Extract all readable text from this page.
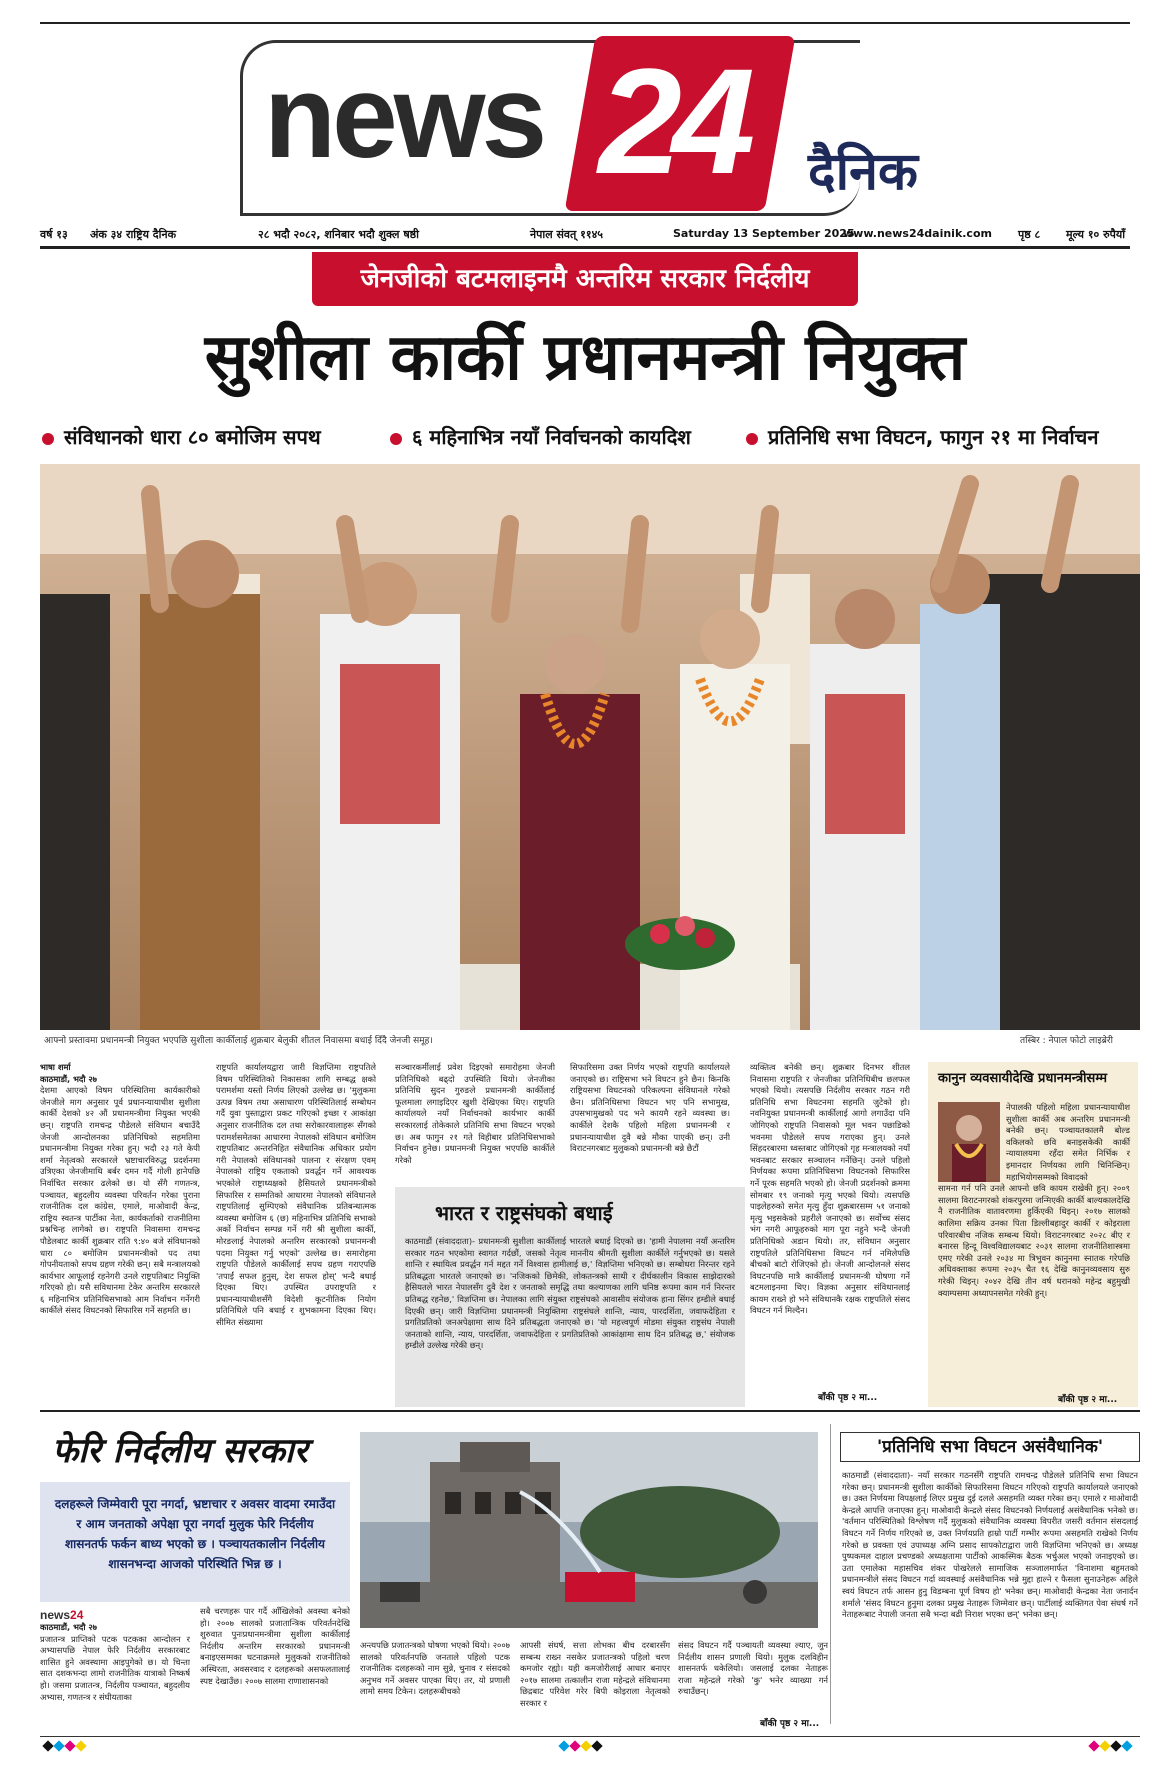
news 24 दैनिक
वर्ष १३ अंक ३४ राष्ट्रिय दैनिक	२८ भदौ २०८२, शनिबार भदौ शुक्ल षष्ठी	नेपाल संवत् ११४५	Saturday 13 September 2025
www.news24dainik.com पृष्ठ ८ मूल्य १० रुपैयाँ
जेनजीको बटमलाइनमै अन्तरिम सरकार निर्दलीय
सुशीला कार्की प्रधानमन्त्री नियुक्त
संविधानको धारा ८० बमोजिम सपथ	६ महिनाभित्र नयाँ निर्वाचनको कायदिश	प्रतिनिधि सभा विघटन, फागुन २१ मा निर्वाचन
आफ्नो प्रस्तावमा प्रधानमन्त्री नियुक्त भएपछि सुशीला कार्कीलाई शुक्रबार बेलुकी शीतल निवासमा बधाई दिँदै जेनजी समूह।	तस्बिर : नेपाल फोटो लाइब्रेरी
भाषा शर्मा
काठमाडौं, भदौ २७
देशमा आएको विषम परिस्थितिमा कार्यकारीको जेनजीले माग अनुसार पूर्व प्रधानन्यायाधीश सुशीला कार्की देशको ४२ औं प्रधानमन्त्रीमा नियुक्त भएकी छन्। राष्ट्रपति रामचन्द्र पौडेलले संविधान बचाउँदै जेनजी आन्दोलनका प्रतिनिधिको सहमतिमा प्रधानमन्त्रीमा नियुक्त गरेका हुन्। भदौ २३ गते केपी शर्मा नेतृत्वको सरकारले भ्रष्टाचारविरुद्ध प्रदर्शनमा उत्रिएका जेनजीमाथि बर्बर दमन गर्दै गोली हानेपछि निर्वाचित सरकार ढलेको छ। यो सँगै गणतन्त्र, पञ्चायत, बहुदलीय व्यवस्था परिवर्तन गरेका पुराना राजनीतिक दल कांग्रेस, एमाले, माओवादी केन्द्र, राष्ट्रिय स्वतन्त्र पार्टीका नेता, कार्यकर्ताको राजनीतिमा प्रश्नचिन्ह लागेको छ। राष्ट्रपति निवासमा रामचन्द्र पौडेलबाट कार्की शुक्रबार राति ९:४० बजे संविधानको धारा ८० बमोजिम प्रधानमन्त्रीको पद तथा गोपनीयताको सपथ ग्रहण गरेकी छन्। सबै मन्त्रालयको कार्यभार आफूलाई रहनेगरी उनले राष्ट्रपतिबाट नियुक्ति गरिएको हो। यसै सविधानमा टेकेर अन्तरिम सरकारले ६ महिनाभित्र प्रतिनिधिसभाको आम निर्वाचन गर्नेगरी कार्कीले संसद विघटनको सिफारिस गर्ने सहमति छ।
राष्ट्रपति कार्यालयद्वारा जारी विज्ञप्तिमा राष्ट्रपतिले विषम परिस्थितिको निकासका लागि सम्बद्ध क्षको परामर्शमा यस्तो निर्णय लिएको उल्लेख छ। 'मुलुकमा उत्पन्न विषम तथा असाधारण परिस्थितिलाई सम्बोधन गर्दै युवा पुस्ताद्वारा प्रकट गरिएको इच्छा र आकांक्षा अनुसार राजनीतिक दल तथा सरोकारवालाहरू सँगको परामर्शसमेतका आधारमा नेपालको संविधान बमोजिम राष्ट्रपतिबाट अन्तरनिहित संवैधानिक अधिकार प्रयोग गरी नेपालको संविधानको पालना र संरक्षण एवम् नेपालको राष्ट्रिय एकताको प्रवर्द्धन गर्ने आवश्यक भएकोले राष्ट्राध्यक्षको हैसियतले प्रधानमन्त्रीको सिफारिस र सम्मतिको आधारमा नेपालको संविधानले राष्ट्रपतिलाई सुम्पिएको संवैधानिक प्रतिबन्धात्मक व्यवस्था बमोजिम ६ (छ) महिनाभित्र प्रतिनिधि सभाको अर्को निर्वाचन सम्पन्न गर्ने गरी श्री सुशीला कार्की, मोरङलाई नेपालको अन्तरिम सरकारको प्रधानमन्त्री पदमा नियुक्त गर्नु भएको' उल्लेख छ। समारोहमा राष्ट्रपति पौडेलले कार्कीलाई सपथ ग्रहण गराएपछि 'तपाईं सफल हुनुस्, देश सफल होस्' भन्दै बधाई दिएका थिए। उपस्थित उपराष्ट्रपति र प्रधानन्यायाधीशसँगै विदेशी कूटनीतिक नियोग प्रतिनिधिले पनि बधाई र शुभकामना दिएका थिए। सीमित संख्यामा
सञ्चारकर्मीलाई प्रवेश दिइएको समारोहमा जेनजी प्रतिनिधिको बढ्दो उपस्थिति थियो। जेनजीका प्रतिनिधि सुदन गुरुङले प्रधानमन्त्री कार्कीलाई फूलमाला लगाइदिएर खुशी देखिएका थिए। राष्ट्रपति कार्यालयले नयाँ निर्वाचनको कार्यभार कार्की सरकारलाई तोकेकाले प्रतिनिधि सभा विघटन भएको छ। अब फागुन २१ गते विहीबार प्रतिनिधिसभाको निर्वाचन हुनेछ। प्रधानमन्त्री नियुक्त भएपछि कार्कीले गरेको
सिफारिसमा उक्त निर्णय भएको राष्ट्रपति कार्यालयले जनाएको छ। राष्ट्रिसभा भने विघटन हुने छैन। किनकि राष्ट्रियसभा विघटनको परिकल्पना संविधानले गरेको छैन। प्रतिनिधिसभा विघटन भए पनि सभामुख, उपसभामुखको पद भने कायमै रहने व्यवस्था छ। कार्कीले देशकै पहिलो महिला प्रधानमन्त्री र प्रधानन्यायाधीश दुवै बन्ने मौका पाएकी छन्। उनी विराटनगरबाट मुलुकको प्रधानमन्त्री बन्ने छैटौं
व्यक्तित्व बनेकी छन्। शुक्रबार दिनभर शीतल निवासमा राष्ट्रपति र जेनजीका प्रतिनिधिबीच छलफल भएको थियो। त्यसपछि निर्दलीय सरकार गठन गरी प्रतिनिधि सभा विघटनमा सहमति जुटेको हो। नवनियुक्त प्रधानमन्त्री कार्कीलाई आगो लगाउँदा पनि जोगिएको राष्ट्रपति निवासको मूल भवन पछाडिको भवनमा पौडेलले सपथ गराएका हुन्। उनले सिंहदरबारमा ध्वस्तबाट जोगिएको गृह मन्त्रालयको नयाँ भवनबाट सरकार सञ्चालन गर्नेछिन्। उनले पहिलो निर्णयका रूपमा प्रतिनिधिसभा विघटनको सिफारिस गर्ने पूरक सहमति भएको हो। जेनजी प्रदर्शनको क्रममा सोमबार १९ जनाको मृत्यु भएको थियो। त्यसपछि पाइलेहरुको समेत मृत्यु हुँदा शुक्रबारसम्म ५१ जनाको मृत्यु भइसकेको प्रहरीले जनाएको छ। सर्वोच्च संसद भंग नगरी आफूहरुको माग पूरा नहुने भन्दै जेनजी प्रतिनिधिको अडान थियो। तर, संविधान अनुसार राष्ट्रपतिले प्रतिनिधिसभा विघटन गर्न नमिलेपछि बीचको बाटो रोजिएको हो। जेनजी आन्दोलनले संसद विघटनपछि मात्रै कार्कीलाई प्रधानमन्त्री घोषणा गर्ने बटमलाइनमा थिए। विज्ञका अनुसार संविधानलाई कायम राख्ने हो भने संविधानकै रक्षक राष्ट्रपतिले संसद विघटन गर्न मिल्दैन।
बाँकी पृष्ठ २ मा...
भारत र राष्ट्रसंघको बधाई

काठमाडौं (संवाददाता)- प्रधानमन्त्री सुशीला कार्कीलाई भारतले बधाई दिएको छ। 'हामी नेपालमा नयाँ अन्तरिम सरकार गठन भएकोमा स्वागत गर्दछौं, जसको नेतृत्व माननीय श्रीमती सुशीला कार्कीले गर्नुभएको छ। यसले शान्ति र स्थायित्व प्रवर्द्धन गर्न मद्दत गर्ने विश्वास हामीलाई छ,' विज्ञप्तिमा भनिएको छ। सम्बोधरा निरन्तर रहने प्रतिबद्धता भारतले जनाएको छ। 'नजिकको छिमेकी, लोकतन्त्रको साथी र दीर्घकालीन विकास साझेदारको हैसियतले भारत नेपालसँग दुवै देश र जनताको समृद्धि तथा कल्याणका लागि घनिष्ठ रूपमा काम गर्न निरन्तर प्रतिबद्ध रहनेछ,' विज्ञप्तिमा छ। नेपालका लागि संयुक्त राष्ट्रसंघको आवासीय संयोजक हाना सिंगर हम्डीले बधाई दिएकी छन्। जारी विज्ञप्तिमा प्रधानमन्त्री नियुक्तिमा राष्ट्रसंघले शान्ति, न्याय, पारदर्शिता, जवाफदेहिता र प्रगतिप्रतिको जनअपेक्षामा साथ दिने प्रतिबद्धता जनाएको छ। 'यो महत्त्वपूर्ण मोडमा संयुक्त राष्ट्रसंघ नेपाली जनताको शान्ति, न्याय, पारदर्शिता, जवाफदेहिता र प्रगतिप्रतिको आकांक्षामा साथ दिन प्रतिबद्ध छ,' संयोजक हम्डीले उल्लेख गरेकी छन्।

कानुन व्यवसायीदेखि प्रधानमन्त्रीसम्म
नेपालकी पहिलो महिला प्रधानन्यायाधीश सुशीला कार्की अब अन्तरिम प्रधानमन्त्री बनेकी छन्। पञ्चायतकालमै बोल्ड वकिलको छवि बनाइसकेकी कार्की न्यायालयमा रहँदा समेत निर्भिक र इमानदार निर्णयका लागि चिनिन्छिन्। महाभियोगसम्मको विवादको
सामना गर्न पनि उनले आफ्नो छवि कायम राखेकी हुन्। २००९ सालमा विराटनगरको शंकरपुरमा जन्मिएकी कार्की बाल्यकालदेखि नै राजनीतिक वातावरणमा हुर्किएकी थिइन्। २०१७ सालको कालिमा सक्रिय उनका पिता डिल्लीबहादुर कार्की र कोइराला परिवारबीच नजिक सम्बन्ध थियो। विराटनगरबाट २०२८ बीए र बनारस हिन्दू विश्वविद्यालयबाट २०३१ सालमा राजनीतिशास्त्रमा एमए गरेकी उनले २०३४ मा त्रिभुवन कानुनमा स्नातक गरेपछि अधिवक्ताका रूपमा २०३५ चैत १६ देखि कानुनव्यवसाय सुरु गरेकी थिइन्। २०४२ देखि तीन वर्ष धरानको महेन्द्र बहुमुखी क्याम्पसमा अध्यापनसमेत गरेकी हुन्।
बाँकी पृष्ठ २ मा...
फेरि निर्दलीय सरकार

दलहरूले जिम्मेवारी पूरा नगर्दा, भ्रष्टाचार र अवसर वादमा रमाउँदा र आम जनताको अपेक्षा पूरा नगर्दा मुलुक फेरि निर्दलीय शासनतर्फ फर्कन बाध्य भएको छ । पञ्चायतकालीन निर्दलीय शासनभन्दा आजको परिस्थिति भिन्न छ ।

news24
काठमाडौं, भदौ २७
प्रजातन्त्र प्राप्तिको पटक पटकका आन्दोलन र अभ्यासपछि नेपाल फेरि निर्दलीय सरकारबाट शासित हुने अवस्थामा आइपुगेको छ। यो चिन्ता सात दशकभन्दा लामो राजनीतिक यात्राको निष्कर्ष हो। जसमा प्रजातन्त्र, निर्दलीय पञ्चायत, बहुदलीय अभ्यास, गणतन्त्र र संघीयताका
सबै चरणहरू पार गर्दै आँखिलेको अवस्था बनेको हो। २००७ सालको प्रजातान्त्रिक परिवर्तनदेखि शुरुवात पुनःप्रधानमन्त्रीमा सुशीला कार्कीलाई निर्दलीय अन्तरिम सरकारको प्रधानमन्त्री बनाइएसम्मका घटनाक्रमले मुलुकको राजनीतिको अस्थिरता, अवसरवाद र दलहरूको असफलतालाई स्पष्ट देखाउँछ। २००७ सालमा राणाशासनको
अन्त्यपछि प्रजातन्त्रको घोषणा भएको थियो। २००७ सालको परिवर्तनपछि जनताले पहिलो पटक राजनीतिक दलहरूको नाम सुन्ने, चुनाव र संसदको अनुभव गर्ने अवसर पाएका थिए। तर, यो प्रणाली लामो समय टिकेन। दलहरूबीचको
आपसी संघर्ष, सत्ता लोभका बीच दरबारसँग सम्बन्ध राख्न नसकेर प्रजातन्त्रको पहिलो चरण कमजोर रह्यो। यही कमजोरीलाई आधार बनाएर २०१७ सालमा तत्कालीन राजा महेन्द्रले संविधानमा छिद्रबाट परिवेश गरेर बिपी कोइराला नेतृत्वको सरकार र
संसद विघटन गर्दै पञ्चायती व्यवस्था ल्याए, जुन निर्दलीय शासन प्रणाली थियो। मुलुक दलविहीन शासनतर्फ धकेलियो। जसलाई दलका नेताहरू राजा महेन्द्रले गरेको 'कु' भनेर व्याख्या गर्न रुचाउँछन्।
बाँकी पृष्ठ २ मा...
'प्रतिनिधि सभा विघटन असंवैधानिक'
काठमाडौं (संवाददाता)- नयाँ सरकार गठनसँगै राष्ट्रपति रामचन्द्र पौडेलले प्रतिनिधि सभा विघटन गरेका छन्। प्रधानमन्त्री सुशीला कार्कीको सिफारिसमा विघटन गरिएको राष्ट्रपति कार्यालयले जनाएको छ। उक्त निर्णयमा विपक्षलाई लिएर प्रमुख दुई दलले असहमति व्यक्त गरेका छन्। एमाले र माओवादी केन्द्रले आपत्ति जनाएका हुन्। माओवादी केन्द्रले संसद विघटनको निर्णयलाई असंवैधानिक भनेको छ। 'वर्तमान परिस्थितिको विश्लेषण गर्दै मुलुकको संवैधानिक व्यवस्था विपरीत जसरी वर्तमान संसदलाई विघटन गर्ने निर्णय गरिएको छ, उक्त निर्णयप्रति हाम्रो पार्टी गम्भीर रूपमा असहमति राखेको निर्णय गरेको छ प्रवक्ता एवं उपाध्यक्ष अग्नि प्रसाद सापकोटाद्वारा जारी विज्ञप्तिमा भनिएको छ। अध्यक्ष पुष्पकमल दाहाल प्रचण्डको अध्यक्षतामा पार्टीको आकस्मिक बैठक भर्चुअल भएको जनाइएको छ। उता एमालेका महासचिव शंकर पोखरेलले सामाजिक सञ्जालमार्फत 'विनाशमा बहुमतको प्रधानमन्त्रीले संसद विघटन गर्दा व्यवस्थाई असंवैधानिक भन्ने मुद्दा हाल्ने र फैसला सुनाउनेहरू अहिले स्वयं विघटन तर्फ आसन हुनु विडम्बना पूर्ण विषय हो' भनेका छन्। माओवादी केन्द्रका नेता जनार्दन शर्माले 'संसद विघटन हुनुमा दलका प्रमुख नेताहरू जिम्मेवार छन्। पार्टीलाई व्यक्तिगत पेवा संघर्ष गर्ने नेताहरूबाट नेपाली जनता सबै भन्दा बढी निराश भएका छन्' भनेका छन्।
